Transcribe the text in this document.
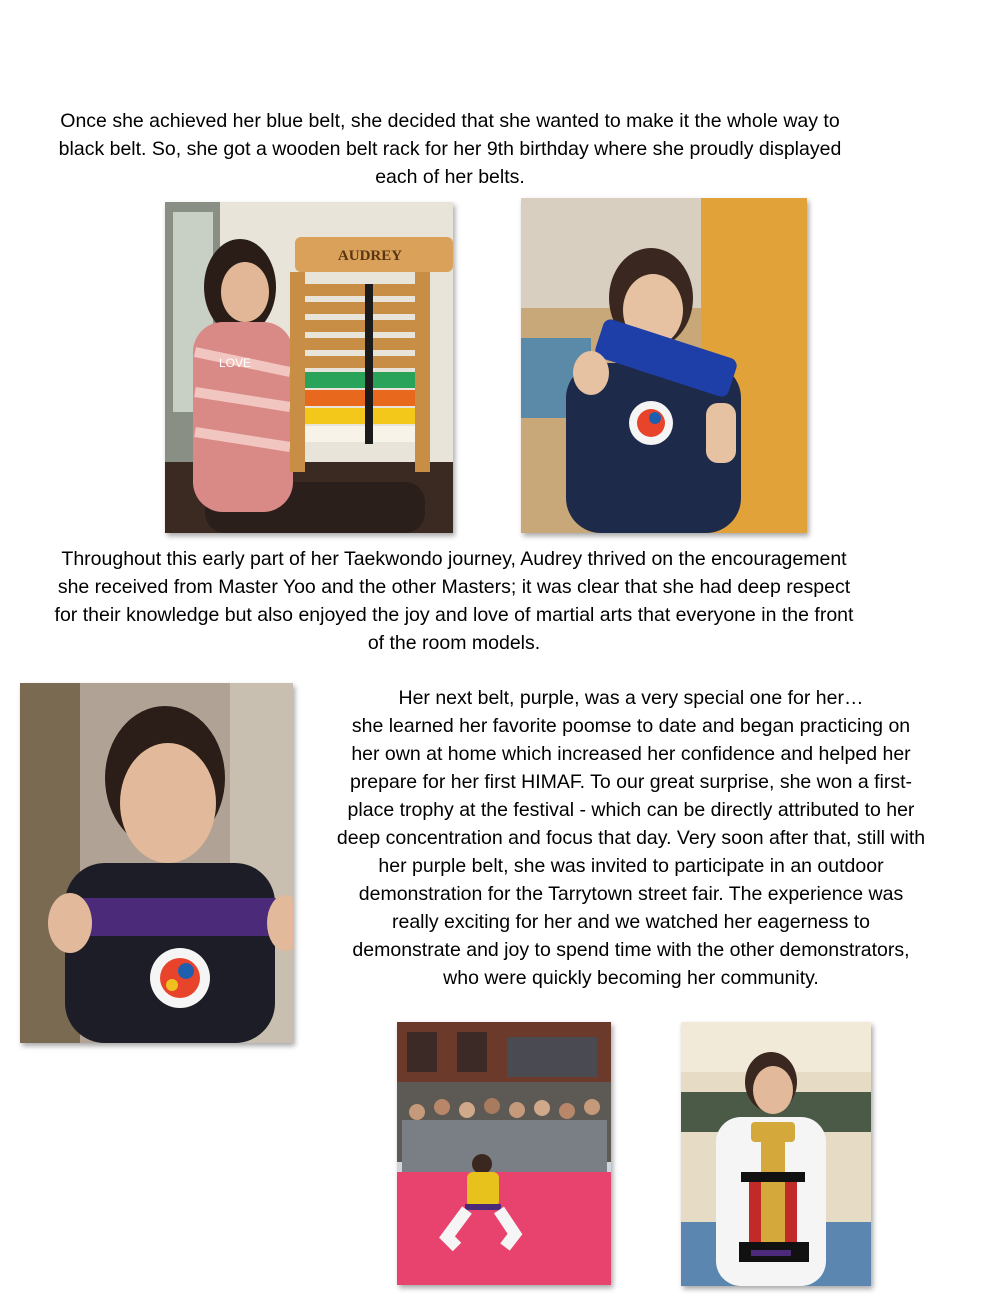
Once she achieved her blue belt, she decided that she wanted to make it the whole way to
black belt. So, she got a wooden belt rack for her 9th birthday where she proudly displayed
each of her belts.
LOVE
AUDREY
Throughout this early part of her Taekwondo journey, Audrey thrived on the encouragement
she received from Master Yoo and the other Masters; it was clear that she had deep respect
for their knowledge but also enjoyed the joy and love of martial arts that everyone in the front
of the room models.
Her next belt, purple, was a very special one for her…
she learned her favorite poomse to date and began practicing on
her own at home which increased her confidence and helped her
prepare for her first HIMAF. To our great surprise, she won a first-
place trophy at the festival - which can be directly attributed to her
deep concentration and focus that day. Very soon after that, still with
her purple belt, she was invited to participate in an outdoor
demonstration for the Tarrytown street fair. The experience was
really exciting for her and we watched her eagerness to
demonstrate and joy to spend time with the other demonstrators,
who were quickly becoming her community.
